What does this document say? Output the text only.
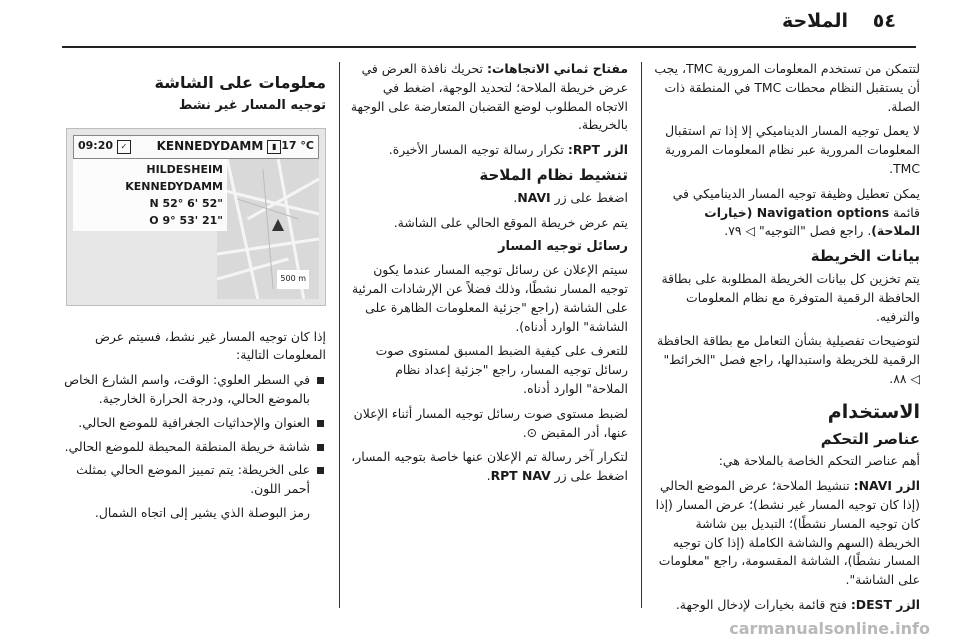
٥٤
الملاحة

لتتمكن من تستخدم المعلومات المرورية TMC، يجب أن يستقبل النظام محطات TMC في المنطقة ذات الصلة.

لا يعمل توجيه المسار الديناميكي إلا إذا تم استقبال المعلومات المرورية عبر نظام المعلومات المرورية TMC.

يمكن تعطيل وظيفة توجيه المسار الديناميكي في قائمة Navigation options (خيارات الملاحة). راجع فصل "التوجيه" ◁ ٧٩.

بيانات الخريطة

يتم تخزين كل بيانات الخريطة المطلوبة على بطاقة الحافظة الرقمية المتوفرة مع نظام المعلومات والترفيه.

لتوضيحات تفصيلية بشأن التعامل مع بطاقة الحافظة الرقمية للخريطة واستبدالها، راجع فصل "الخرائط" ◁ ٨٨.

الاستخدام
عناصر التحكم

أهم عناصر التحكم الخاصة بالملاحة هي:

الزر NAVI: تنشيط الملاحة؛ عرض الموضع الحالي (إذا كان توجيه المسار غير نشط)؛ عرض المسار (إذا كان توجيه المسار نشطًا)؛ التبديل بين شاشة الخريطة (السهم والشاشة الكاملة (إذا كان توجيه المسار نشطًا)، الشاشة المقسومة، راجع "معلومات على الشاشة".

الزر DEST: فتح قائمة بخيارات لإدخال الوجهة.

مفتاح ثماني الاتجاهات: تحريك نافذة العرض في عرض خريطة الملاحة؛ لتحديد الوجهة، اضغط في الاتجاه المطلوب لوضع القضبان المتعارضة على الوجهة بالخريطة.

الزر RPT: تكرار رسالة توجيه المسار الأخيرة.

تنشيط نظام الملاحة

اضغط على زر NAVI.

يتم عرض خريطة الموقع الحالي على الشاشة.

رسائل توجيه المسار

سيتم الإعلان عن رسائل توجيه المسار عندما يكون توجيه المسار نشطًا، وذلك فضلاً عن الإرشادات المرئية على الشاشة (راجع "جزئية المعلومات الظاهرة على الشاشة" الوارد أدناه).

للتعرف على كيفية الضبط المسبق لمستوى صوت رسائل توجيه المسار، راجع "جزئية إعداد نظام الملاحة" الوارد أدناه.

لضبط مستوى صوت رسائل توجيه المسار أثناء الإعلان عنها، أدر المقبض ⊙.

لتكرار آخر رسالة تم الإعلان عنها خاصة بتوجيه المسار، اضغط على زر RPT NAV.

معلومات على الشاشة
توجيه المسار غير نشط
500 m
09:20 ✓	KENNEDYDAMM	▮ 17 °C
HILDESHEIM
KENNEDYDAMM
N 52° 6' 52"
O 9° 53' 21"

إذا كان توجيه المسار غير نشط، فسيتم عرض المعلومات التالية:

في السطر العلوي: الوقت، واسم الشارع الخاص بالموضع الحالي، ودرجة الحرارة الخارجية.
العنوان والإحداثيات الجغرافية للموضع الحالي.
شاشة خريطة المنطقة المحيطة للموضع الحالي.
على الخريطة: يتم تمييز الموضع الحالي بمثلث أحمر اللون.

رمز البوصلة الذي يشير إلى اتجاه الشمال.

carmanualsonline.info
